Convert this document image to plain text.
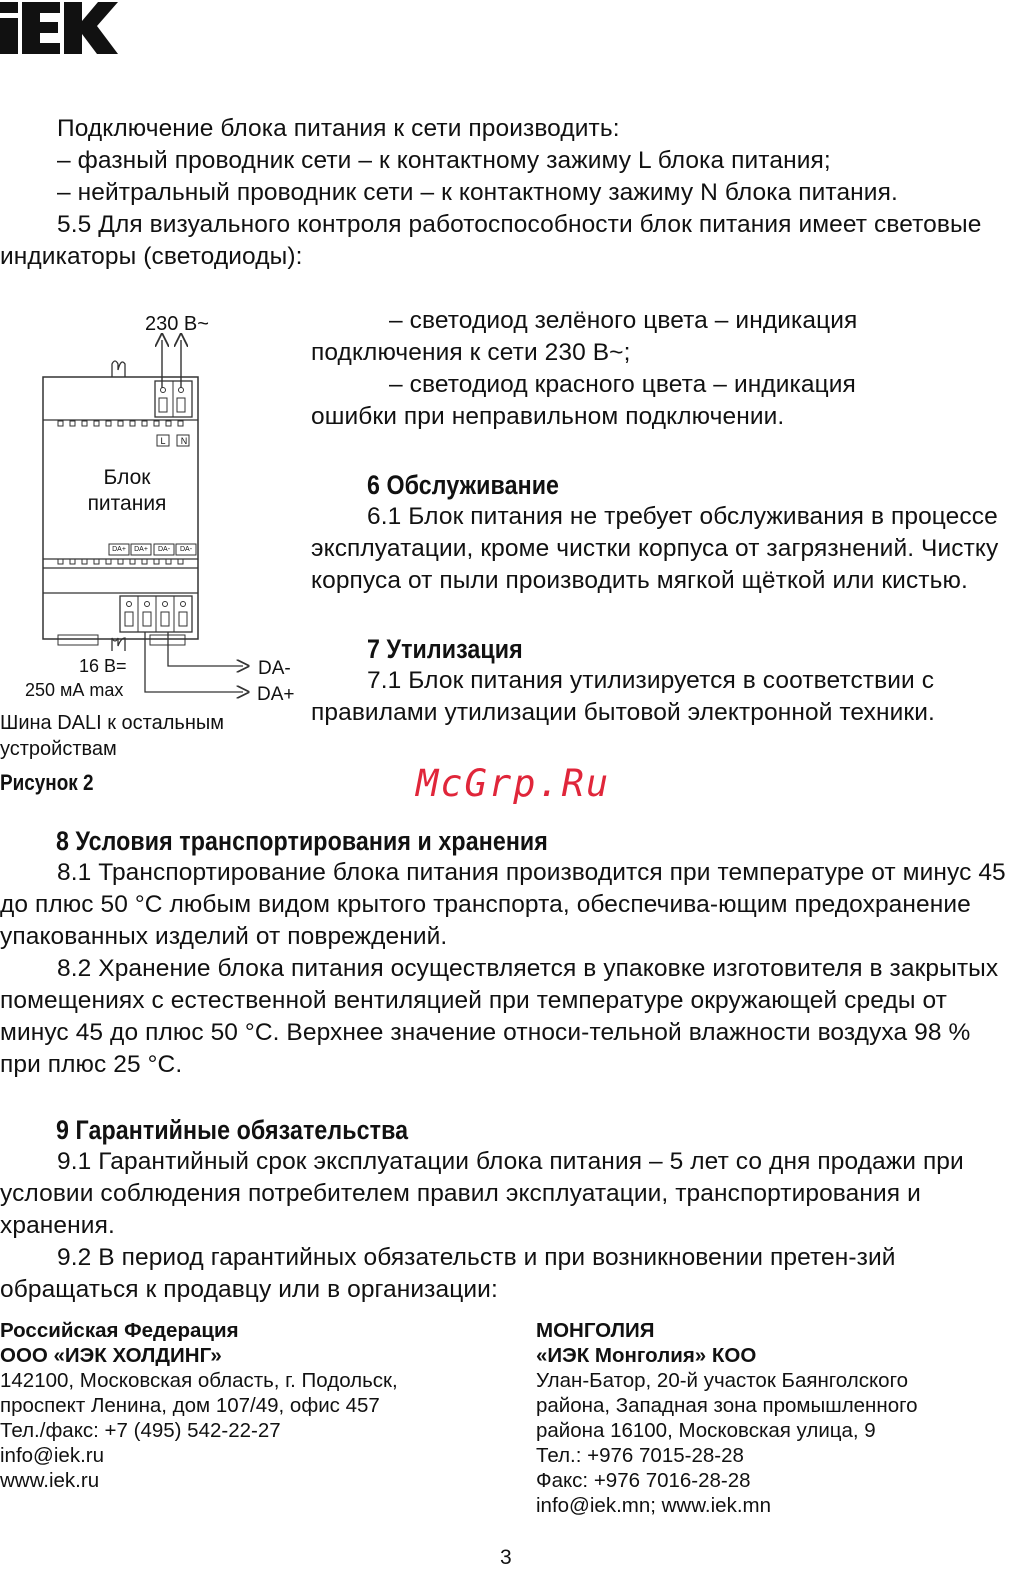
Подключение блока питания к сети производить:

– фазный проводник сети – к контактному зажиму L блока питания;

– нейтральный проводник сети – к контактному зажиму N блока питания.

5.5 Для визуального контроля работоспособности блок питания имеет световые индикаторы (светодиоды):

230 В~
L	N
Блок
питания
DA+	DA+	DA-	DA-
16 В=
250 мА max
DA-
DA+
Шина DALI к остальным
устройствам
Рисунок 2

– светодиод зелёного цвета – индикация подключения к сети 230 В~;

– светодиод красного цвета – индикация ошибки при неправильном подключении.

6 Обслуживание

6.1 Блок питания не требует обслуживания в процессе эксплуатации, кроме чистки корпуса от загрязнений. Чистку корпуса от пыли производить мягкой щёткой или кистью.

7 Утилизация

7.1 Блок питания утилизируется в соответствии с правилами утилизации бытовой электронной техники.

McGrp.Ru
8 Условия транспортирования и хранения

8.1 Транспортирование блока питания производится при температуре от минус 45 до плюс 50 °С любым видом крытого транспорта, обеспечива-ющим предохранение упакованных изделий от повреждений.

8.2 Хранение блока питания осуществляется в упаковке изготовителя в закрытых помещениях с естественной вентиляцией при температуре окружающей среды от минус 45 до плюс 50 °С. Верхнее значение относи-тельной влажности воздуха 98 % при плюс 25 °С.

9 Гарантийные обязательства

9.1 Гарантийный срок эксплуатации блока питания – 5 лет со дня продажи при условии соблюдения потребителем правил эксплуатации, транспортирования и хранения.

9.2 В период гарантийных обязательств и при возникновении претен-зий обращаться к продавцу или в организации:

Российская Федерация
ООО «ИЭК ХОЛДИНГ»
142100, Московская область, г. Подольск,
проспект Ленина, дом 107/49, офис 457
Тел./факс: +7 (495) 542-22-27
info@iek.ru
www.iek.ru
МОНГОЛИЯ
«ИЭК Монголия» КОО
Улан-Батор, 20-й участок Баянголского
района, Западная зона промышленного
района 16100, Московская улица, 9
Тел.: +976 7015-28-28
Факс: +976 7016-28-28
info@iek.mn; www.iek.mn
3
